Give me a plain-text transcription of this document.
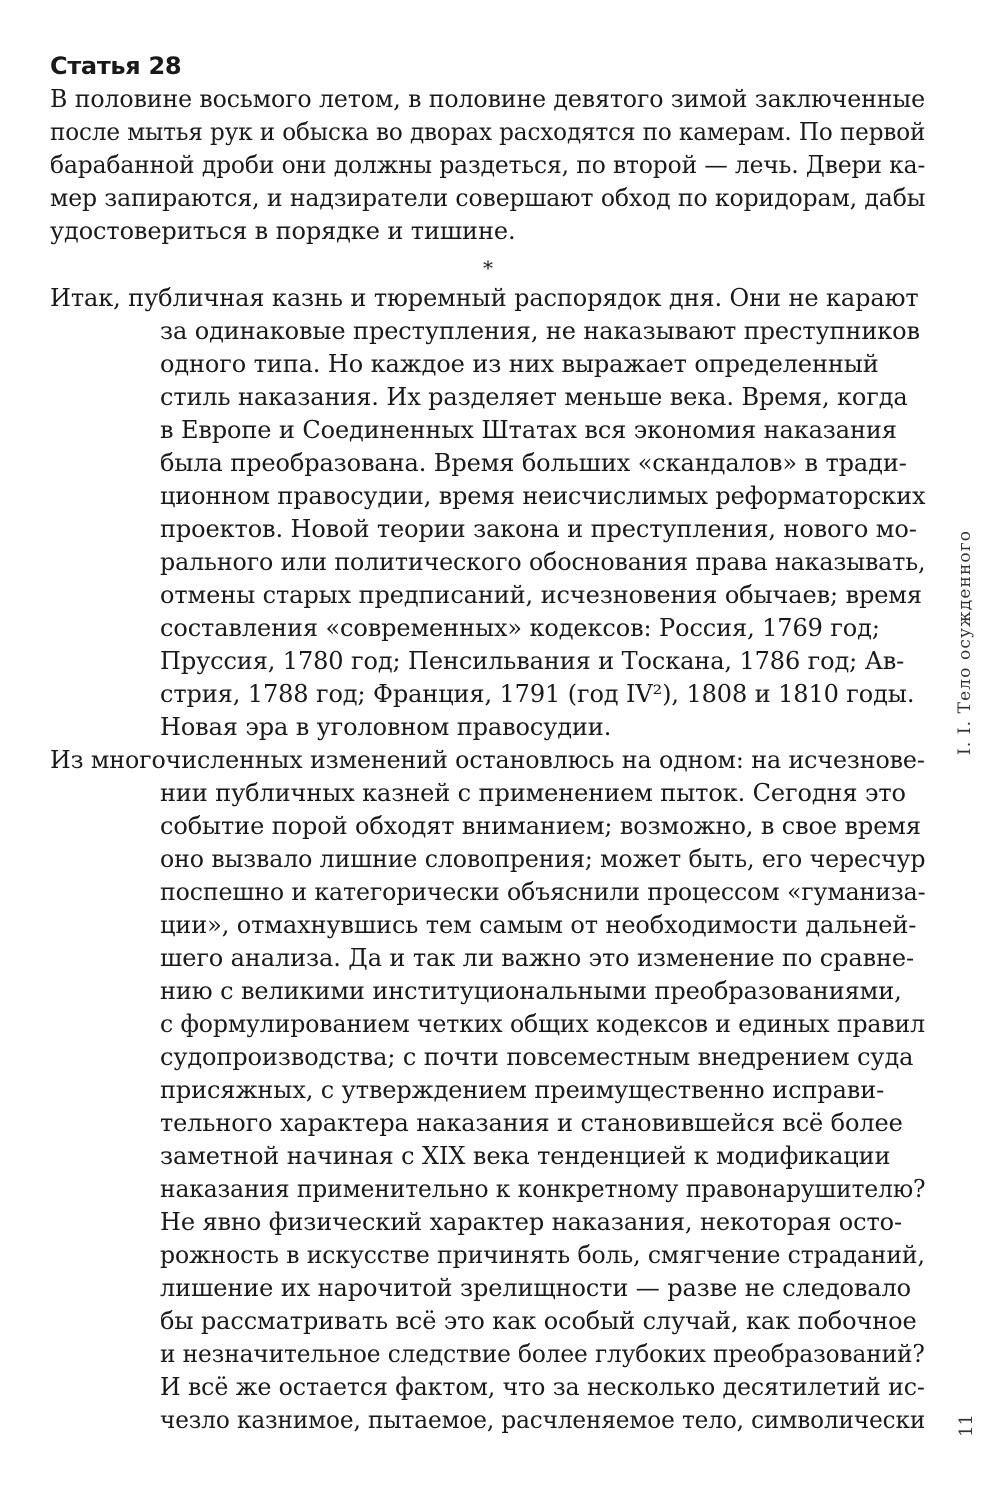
Статья 28
В половине восьмого летом, в половине девятого зимой заключенные
после мытья рук и обыска во дворах расходятся по камерам. По первой
барабанной дроби они должны раздеться, по второй — лечь. Двери ка-
мер запираются, и надзиратели совершают обход по коридорам, дабы
удостовериться в порядке и тишине.
*
Итак, публичная казнь и тюремный распорядок дня. Они не карают
за одинаковые преступления, не наказывают преступников
одного типа. Но каждое из них выражает определенный
стиль наказания. Их разделяет меньше века. Время, когда
в Европе и Соединенных Штатах вся экономия наказания
была преобразована. Время больших «скандалов» в тради-
ционном правосудии, время неисчислимых реформаторских
проектов. Новой теории закона и преступления, нового мо-
рального или политического обоснования права наказывать,
отмены старых предписаний, исчезновения обычаев; время
составления «современных» кодексов: Россия, 1769 год;
Пруссия, 1780 год; Пенсильвания и Тоскана, 1786 год; Ав-
стрия, 1788 год; Франция, 1791 (год IV²), 1808 и 1810 годы.
Новая эра в уголовном правосудии.
Из многочисленных изменений остановлюсь на одном: на исчезнове-
нии публичных казней с применением пыток. Сегодня это
событие порой обходят вниманием; возможно, в свое время
оно вызвало лишние словопрения; может быть, его чересчур
поспешно и категорически объяснили процессом «гуманиза-
ции», отмахнувшись тем самым от необходимости дальней-
шего анализа. Да и так ли важно это изменение по сравне-
нию с великими институциональными преобразованиями,
с формулированием четких общих кодексов и единых правил
судопроизводства; с почти повсеместным внедрением суда
присяжных, с утверждением преимущественно исправи-
тельного характера наказания и становившейся всё более
заметной начиная с XIX века тенденцией к модификации
наказания применительно к конкретному правонарушителю?
Не явно физический характер наказания, некоторая осто-
рожность в искусстве причинять боль, смягчение страданий,
лишение их нарочитой зрелищности — разве не следовало
бы рассматривать всё это как особый случай, как побочное
и незначительное следствие более глубоких преобразований?
И всё же остается фактом, что за несколько десятилетий ис-
чезло казнимое, пытаемое, расчленяемое тело, символически
I. I. Тело осужденного
11
